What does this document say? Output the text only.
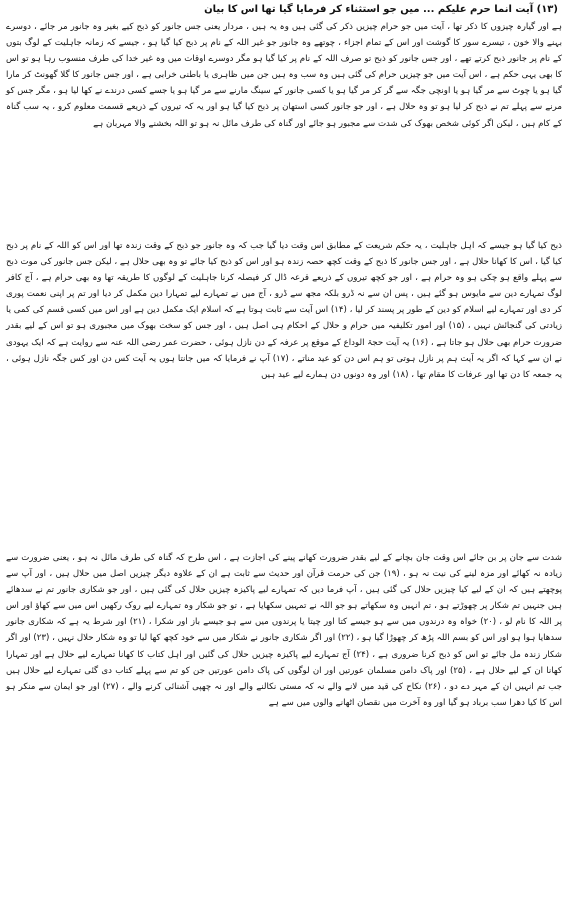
(۱۳) آیت انما حرم علیکم ... میں جو استثناء کر فرمایا گیا تھا اس کا بیان
ہے اور گیارہ چیزوں کا ذکر تھا ، آیت میں جو حرام چیزیں ذکر کی گئی ہیں وہ یہ ہیں ، مردار یعنی جس جانور کو ذبح کیے بغیر وہ جانور مر جائے ، دوسرے بہنے والا خون ، تیسرے سور کا گوشت اور اس کے تمام اجزاء ، چوتھے وہ جانور جو غیر اللہ کے نام پر ذبح کیا گیا ہو ، جیسے کہ زمانہ جاہلیت کے لوگ بتوں کے نام پر جانور ذبح کرتے تھے ، اور جس جانور کو ذبح تو صرف اللہ کے نام پر کیا گیا ہو مگر دوسرے اوقات میں وہ غیر خدا کی طرف منسوب رہا ہو تو اس کا بھی یہی حکم ہے ، اس آیت میں جو چیزیں حرام کی گئی ہیں وہ سب وہ ہیں جن میں ظاہری یا باطنی خرابی ہے ، اور جس جانور کا گلا گھونٹ کر مارا گیا ہو یا چوٹ سے مر گیا ہو یا اونچی جگہ سے گر کر مر گیا ہو یا کسی جانور کے سینگ مارنے سے مر گیا ہو یا جسے کسی درندے نے کھا لیا ہو ، مگر جس کو مرنے سے پہلے تم نے ذبح کر لیا ہو تو وہ حلال ہے ، اور جو جانور کسی استھان پر ذبح کیا گیا ہو اور یہ کہ تیروں کے ذریعے قسمت معلوم کرو ، یہ سب گناہ کے کام ہیں ، لیکن اگر کوئی شخص بھوک کی شدت سے مجبور ہو جائے اور گناہ کی طرف مائل نہ ہو تو اللہ بخشنے والا مہربان ہے
ذبح کیا گیا ہو جیسے کہ اہل جاہلیت ، یہ حکم شریعت کے مطابق اس وقت دیا گیا جب کہ وہ جانور جو ذبح کے وقت زندہ تھا اور اس کو اللہ کے نام پر ذبح کیا گیا ، اس کا کھانا حلال ہے ، اور جس جانور کا ذبح کے وقت کچھ حصہ زندہ ہو اور اس کو ذبح کیا جائے تو وہ بھی حلال ہے ، لیکن جس جانور کی موت ذبح سے پہلے واقع ہو چکی ہو وہ حرام ہے ، اور جو کچھ تیروں کے ذریعے قرعہ ڈال کر فیصلہ کرنا جاہلیت کے لوگوں کا طریقہ تھا وہ بھی حرام ہے ، آج کافر لوگ تمہارے دین سے مایوس ہو گئے ہیں ، پس ان سے نہ ڈرو بلکہ مجھ سے ڈرو ، آج میں نے تمہارے لیے تمہارا دین مکمل کر دیا اور تم پر اپنی نعمت پوری کر دی اور تمہارے لیے اسلام کو دین کے طور پر پسند کر لیا ، (۱۴) اس آیت سے ثابت ہوتا ہے کہ اسلام ایک مکمل دین ہے اور اس میں کسی قسم کی کمی یا زیادتی کی گنجائش نہیں ، (۱۵) اور امور تکلیفیہ میں حرام و حلال کے احکام ہی اصل ہیں ، اور جس کو سخت بھوک میں مجبوری ہو تو اس کے لیے بقدر ضرورت حرام بھی حلال ہو جاتا ہے ، (۱۶) یہ آیت حجۃ الوداع کے موقع پر عرفہ کے دن نازل ہوئی ، حضرت عمر رضی اللہ عنہ سے روایت ہے کہ ایک یہودی نے ان سے کہا کہ اگر یہ آیت ہم پر نازل ہوتی تو ہم اس دن کو عید مناتے ، (۱۷) آپ نے فرمایا کہ میں جانتا ہوں یہ آیت کس دن اور کس جگہ نازل ہوئی ، یہ جمعہ کا دن تھا اور عرفات کا مقام تھا ، (۱۸) اور وہ دونوں دن ہمارے لیے عید ہیں
شدت سے جان پر بن جائے اس وقت جان بچانے کے لیے بقدر ضرورت کھانے پینے کی اجازت ہے ، اس طرح کہ گناہ کی طرف مائل نہ ہو ، یعنی ضرورت سے زیادہ نہ کھائے اور مزہ لینے کی نیت نہ ہو ، (۱۹) جن کی حرمت قرآن اور حدیث سے ثابت ہے ان کے علاوہ دیگر چیزیں اصل میں حلال ہیں ، اور آپ سے پوچھتے ہیں کہ ان کے لیے کیا چیزیں حلال کی گئی ہیں ، آپ فرما دیں کہ تمہارے لیے پاکیزہ چیزیں حلال کی گئی ہیں ، اور جو شکاری جانور تم نے سدھائے ہیں جنہیں تم شکار پر چھوڑتے ہو ، تم انہیں وہ سکھاتے ہو جو اللہ نے تمہیں سکھایا ہے ، تو جو شکار وہ تمہارے لیے روک رکھیں اس میں سے کھاؤ اور اس پر اللہ کا نام لو ، (۲۰) خواہ وہ درندوں میں سے ہو جیسے کتا اور چیتا یا پرندوں میں سے ہو جیسے باز اور شکرا ، (۲۱) اور شرط یہ ہے کہ شکاری جانور سدھایا ہوا ہو اور اس کو بسم اللہ پڑھ کر چھوڑا گیا ہو ، (۲۲) اور اگر شکاری جانور نے شکار میں سے خود کچھ کھا لیا تو وہ شکار حلال نہیں ، (۲۳) اور اگر شکار زندہ مل جائے تو اس کو ذبح کرنا ضروری ہے ، (۲۴) آج تمہارے لیے پاکیزہ چیزیں حلال کی گئیں اور اہل کتاب کا کھانا تمہارے لیے حلال ہے اور تمہارا کھانا ان کے لیے حلال ہے ، (۲۵) اور پاک دامن مسلمان عورتیں اور ان لوگوں کی پاک دامن عورتیں جن کو تم سے پہلے کتاب دی گئی تمہارے لیے حلال ہیں جب تم انہیں ان کے مہر دے دو ، (۲۶) نکاح کی قید میں لانے والے نہ کہ مستی نکالنے والے اور نہ چھپی آشنائی کرنے والے ، (۲۷) اور جو ایمان سے منکر ہو اس کا کیا دھرا سب برباد ہو گیا اور وہ آخرت میں نقصان اٹھانے والوں میں سے ہے
